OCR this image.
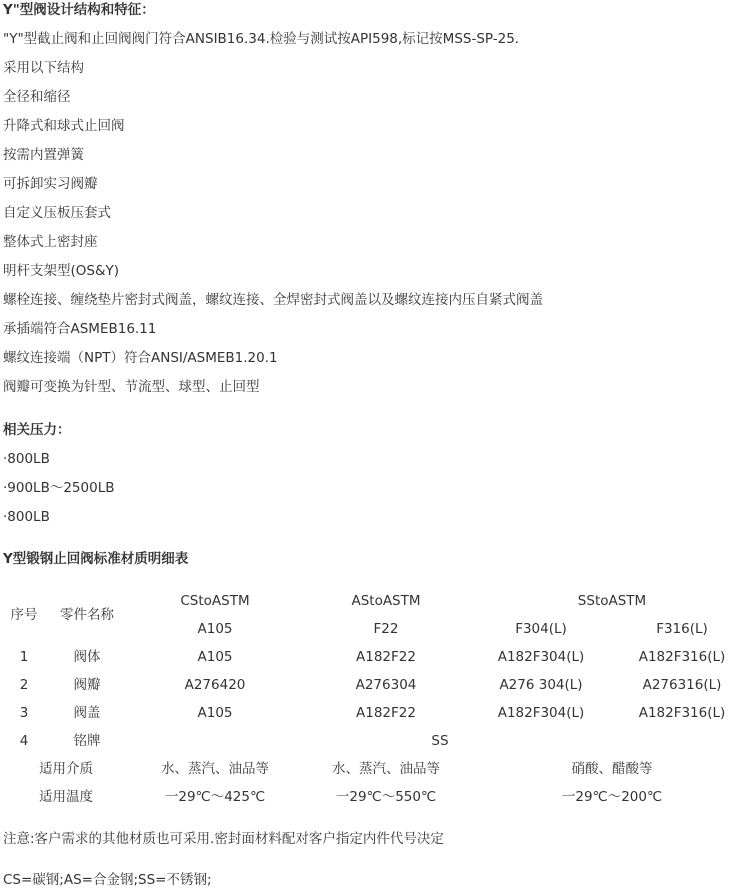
Y"型阀设计结构和特征：
"Y"型截止阀和止回阀阀门符合ANSIB16.34.检验与测试按API598,标记按MSS-SP-25.
采用以下结构
全径和缩径
升降式和球式止回阀
按需内置弹簧
可拆卸实习阀瓣
自定义压板压套式
整体式上密封座
明杆支架型(OS&Y)
螺栓连接、缠绕垫片密封式阀盖，螺纹连接、全焊密封式阀盖以及螺纹连接内压自紧式阀盖
承插端符合ASMEB16.11
螺纹连接端（NPT）符合ANSI/ASMEB1.20.1
阀瓣可变换为针型、节流型、球型、止回型
相关压力：
·800LB
·900LB～2500LB
·800LB
Y型锻钢止回阀标准材质明细表
序号 零件名称
CStoASTM	AStoASTM	SStoASTM
A105	F22	F304(L)	F316(L)
1	阀体	A105	A182F22	A182F304(L)	A182F316(L)
2	阀瓣	A276420	A276304	A276 304(L)	A276316(L)
3	阀盖	A105	A182F22	A182F304(L)	A182F316(L)
4	铭牌	SS
适用介质	水、蒸汽、油品等	水、蒸汽、油品等	硝酸、醋酸等
适用温度	一29℃～425℃	一29℃～550℃	一29℃～200℃
注意:客户需求的其他材质也可采用.密封面材料配对客户指定内件代号决定
CS=碳钢;AS=合金钢;SS=不锈钢;
